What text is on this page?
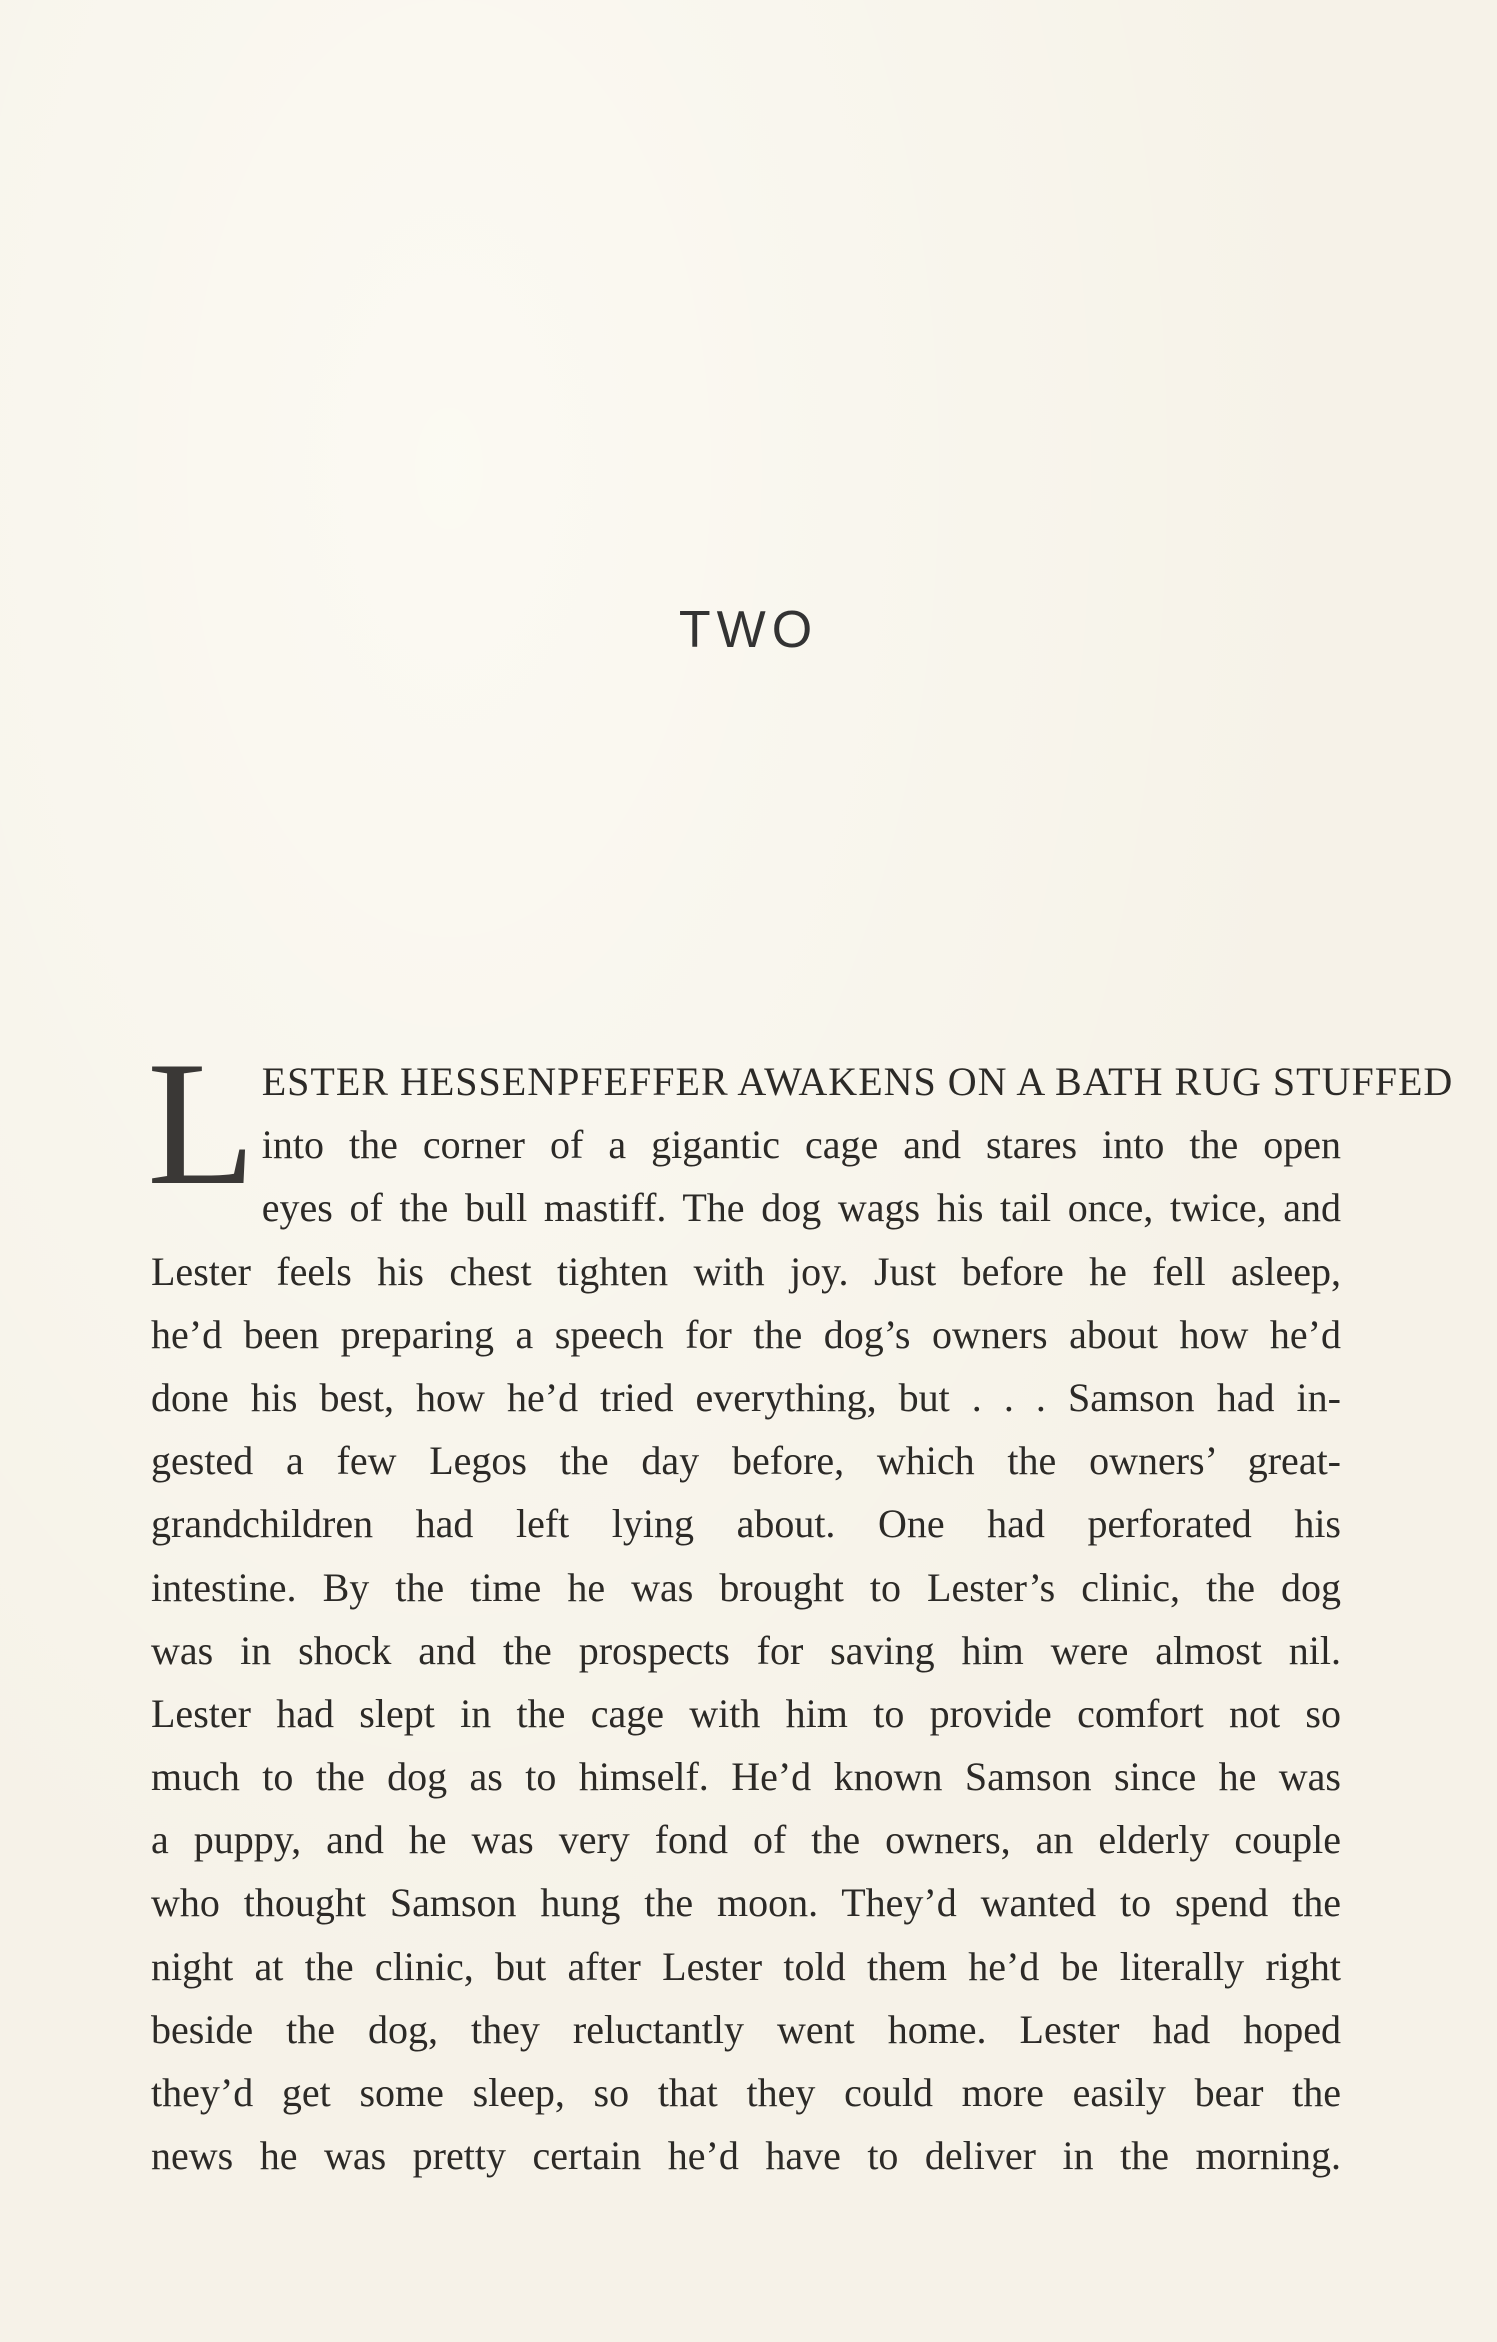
TWO
L ESTER HESSENPFEFFER AWAKENS ON A BATH RUG STUFFED
into the corner of a gigantic cage and stares into the open
eyes of the bull mastiff. The dog wags his tail once, twice, and
Lester feels his chest tighten with joy. Just before he fell asleep,
he’d been preparing a speech for the dog’s owners about how he’d
done his best, how he’d tried everything, but . . . Samson had in-
gested a few Legos the day before, which the owners’ great-
grandchildren had left lying about. One had perforated his
intestine. By the time he was brought to Lester’s clinic, the dog
was in shock and the prospects for saving him were almost nil.
Lester had slept in the cage with him to provide comfort not so
much to the dog as to himself. He’d known Samson since he was
a puppy, and he was very fond of the owners, an elderly couple
who thought Samson hung the moon. They’d wanted to spend the
night at the clinic, but after Lester told them he’d be literally right
beside the dog, they reluctantly went home. Lester had hoped
they’d get some sleep, so that they could more easily bear the
news he was pretty certain he’d have to deliver in the morning.
